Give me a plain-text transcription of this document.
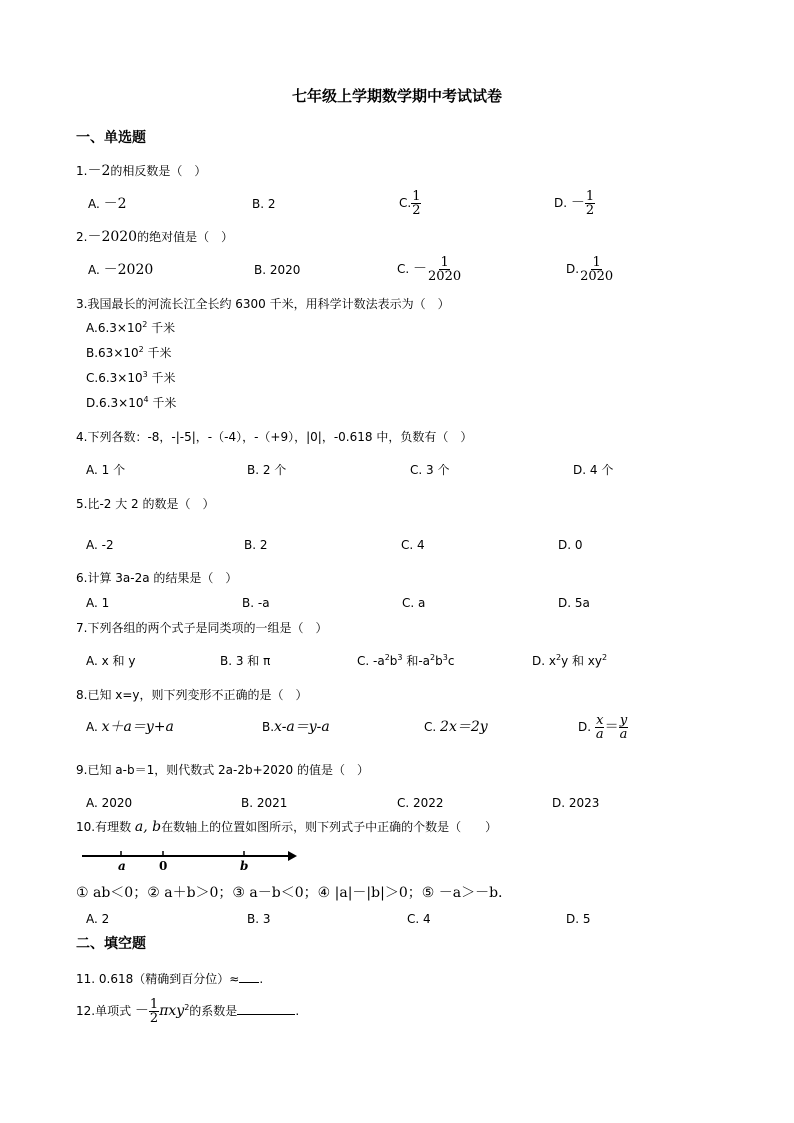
七年级上学期数学期中考试试卷
一、单选题
1.－2的相反数是（　）
A. －2	B. 2	C. $\frac{1}{2}$	D. － $\frac{1}{2}$
2.－2020的绝对值是（　）
A. －2020	B. 2020	C. － $\frac{1}{2020}$	D. $\frac{1}{2020}$
3.我国最长的河流长江全长约 6300 千米，用科学计数法表示为（　）
$A.6.3\times 10^2$ 千米
$B.63\times 10^2$ 千米
$C.6.3\times 10^3$ 千米
$D.6.3\times 10^4$ 千米
4.下列各数：-8，-|-5|，-（-4），-（+9），|0|，-0.618 中，负数有（　）
A. 1 个	B. 2 个	C. 3 个	D. 4 个
5.比-2 大 2 的数是（　）
A. -2	B. 2	C. 4	D. 0
6.计算 3a-2a 的结果是（　）
A. 1	B. -a	C. a	D. 5a
7.下列各组的两个式子是同类项的一组是（　）
A. x 和 y	B. 3 和 π	C. $-a^2b^3$ 和$-a^2b^3c$	D. $x^2y$ 和 $xy^2$
8.已知 x=y，则下列变形不正确的是（　）
A. x＋a＝y+a	B.x-a＝y-a	C. 2x＝2y	D. $\frac{x}{a} = \frac{y}{a}$
9.已知 a-b＝1，则代数式 2a-2b+2020 的值是（　）
A. 2020	B. 2021	C. 2022	D. 2023
10.有理数 a, b在数轴上的位置如图所示，则下列式子中正确的个数是（　　）
a	0	b
① ab＜0；② a＋b＞0；③ a－b＜0；④ |a|－|b|＞0；⑤ －a＞－b.
A. 2	B. 3	C. 4	D. 5
二、填空题
11. 0.618（精确到百分位）≈ .
12.单项式 － $\frac{1}{2} \pi xy^2$的系数是	.
